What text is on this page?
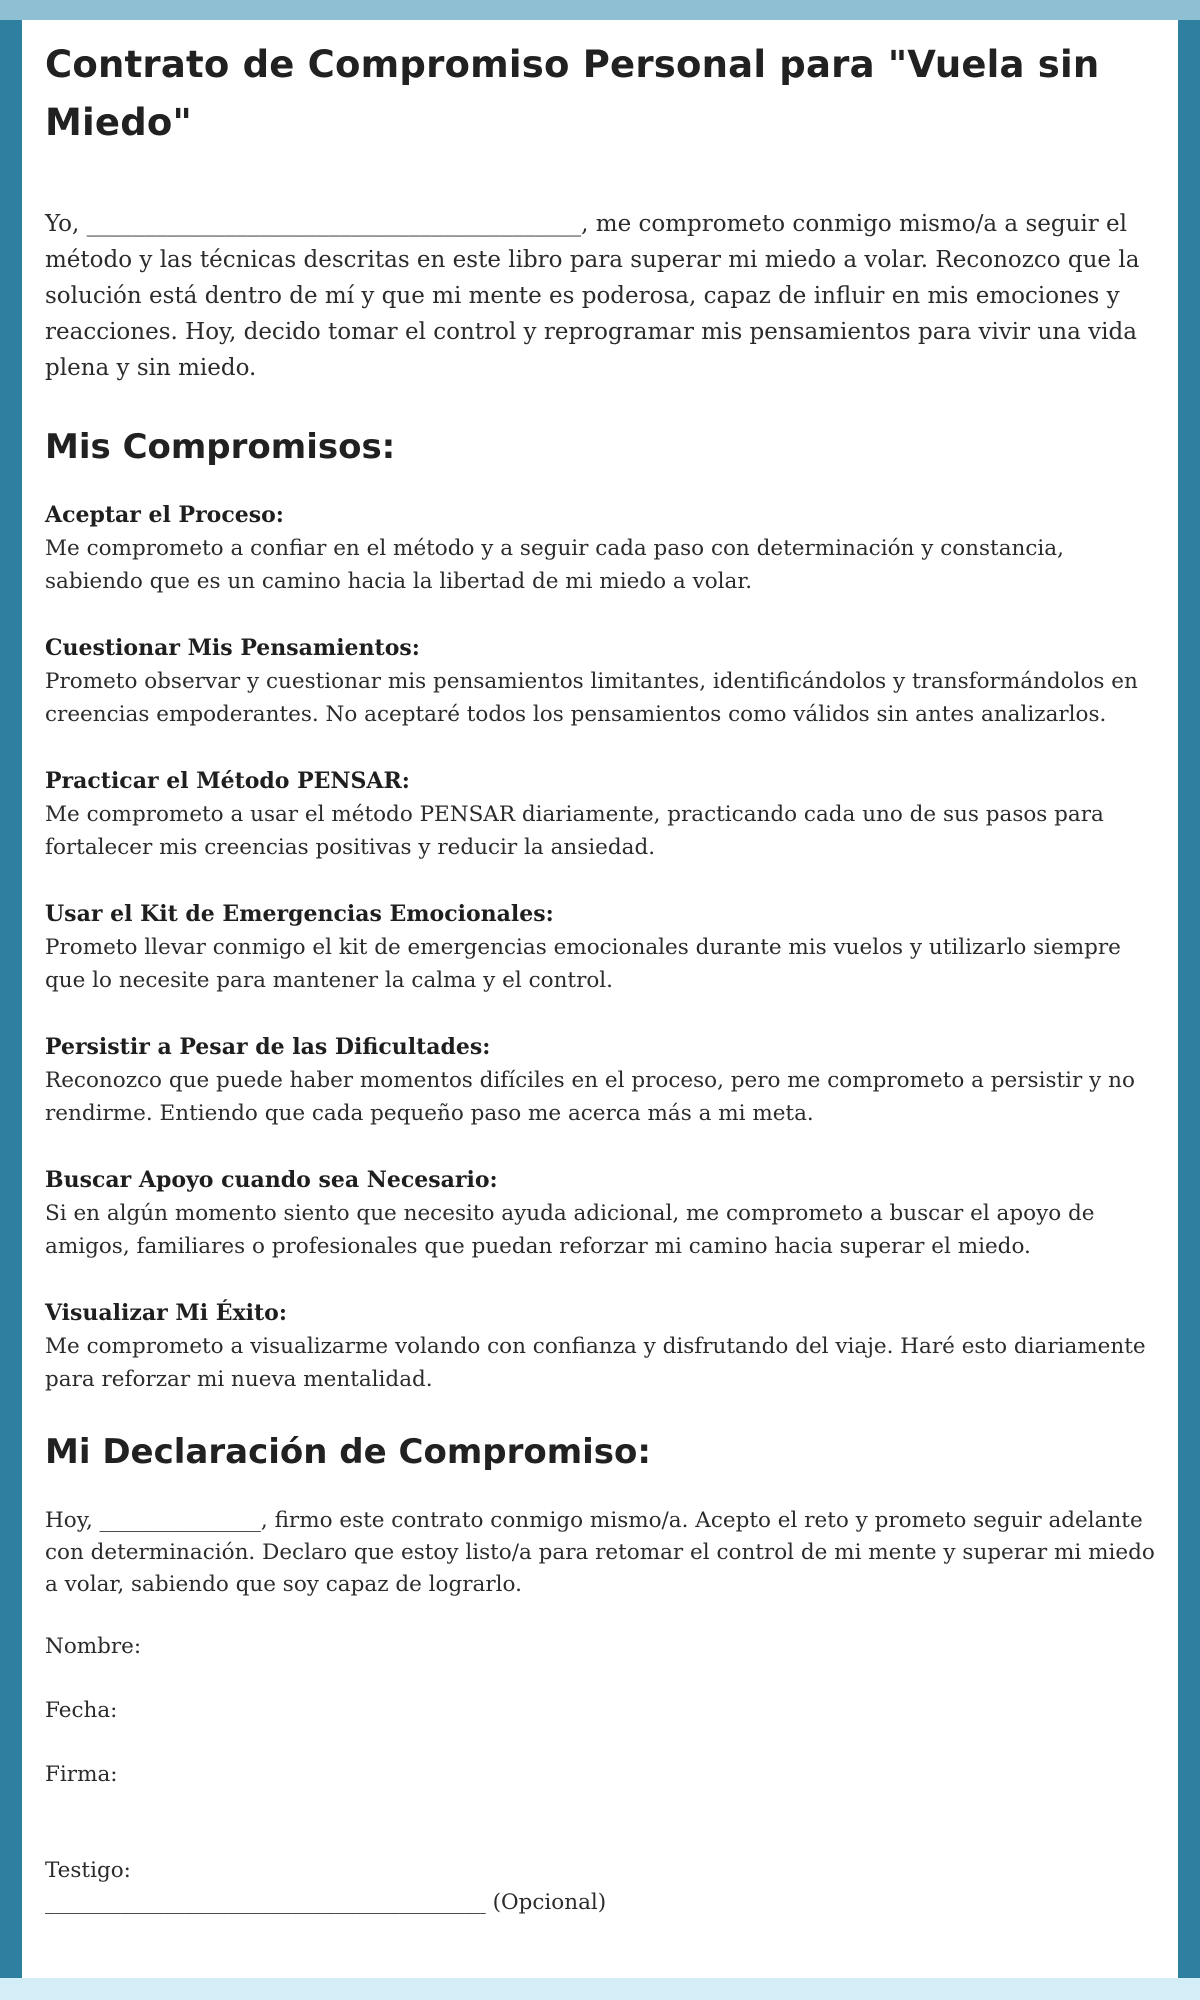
Contrato de Compromiso Personal para "Vuela sin Miedo"

Yo, ___________________________________________, me comprometo conmigo mismo/a a seguir el método y las técnicas descritas en este libro para superar mi miedo a volar. Reconozco que la solución está dentro de mí y que mi mente es poderosa, capaz de influir en mis emociones y reacciones. Hoy, decido tomar el control y reprogramar mis pensamientos para vivir una vida plena y sin miedo.

Mis Compromisos:
Aceptar el Proceso:
Me comprometo a confiar en el método y a seguir cada paso con determinación y constancia, sabiendo que es un camino hacia la libertad de mi miedo a volar.
Cuestionar Mis Pensamientos:
Prometo observar y cuestionar mis pensamientos limitantes, identificándolos y transformándolos en creencias empoderantes. No aceptaré todos los pensamientos como válidos sin antes analizarlos.
Practicar el Método PENSAR:
Me comprometo a usar el método PENSAR diariamente, practicando cada uno de sus pasos para fortalecer mis creencias positivas y reducir la ansiedad.
Usar el Kit de Emergencias Emocionales:
Prometo llevar conmigo el kit de emergencias emocionales durante mis vuelos y utilizarlo siempre que lo necesite para mantener la calma y el control.
Persistir a Pesar de las Dificultades:
Reconozco que puede haber momentos difíciles en el proceso, pero me comprometo a persistir y no rendirme. Entiendo que cada pequeño paso me acerca más a mi meta.
Buscar Apoyo cuando sea Necesario:
Si en algún momento siento que necesito ayuda adicional, me comprometo a buscar el apoyo de amigos, familiares o profesionales que puedan reforzar mi camino hacia superar el miedo.
Visualizar Mi Éxito:
Me comprometo a visualizarme volando con confianza y disfrutando del viaje. Haré esto diariamente para reforzar mi nueva mentalidad.
Mi Declaración de Compromiso:

Hoy, _______________, firmo este contrato conmigo mismo/a. Acepto el reto y prometo seguir adelante con determinación. Declaro que estoy listo/a para retomar el control de mi mente y superar mi miedo a volar, sabiendo que soy capaz de lograrlo.

Nombre:
Fecha:
Firma:
Testigo:
_________________________________________ (Opcional)
